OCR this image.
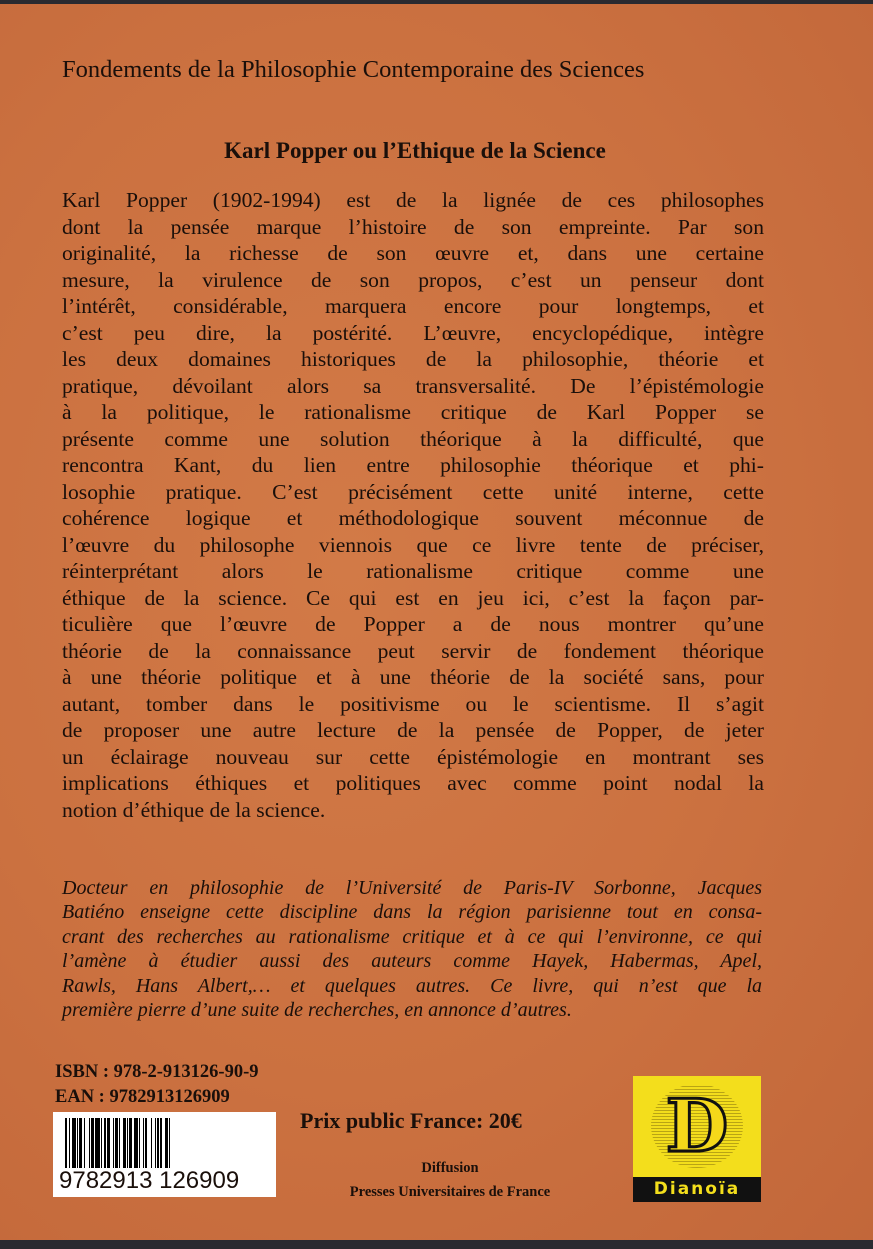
Fondements de la Philosophie Contemporaine des Sciences
Karl Popper ou l’Ethique de la Science
Karl Popper (1902-1994) est de la lignée de ces philosophes
dont la pensée marque l’histoire de son empreinte. Par son
originalité, la richesse de son œuvre et, dans une certaine
mesure, la virulence de son propos, c’est un penseur dont
l’intérêt, considérable, marquera encore pour longtemps, et
c’est peu dire, la postérité. L’œuvre, encyclopédique, intègre
les deux domaines historiques de la philosophie, théorie et
pratique, dévoilant alors sa transversalité. De l’épistémologie
à la politique, le rationalisme critique de Karl Popper se
présente comme une solution théorique à la difficulté, que
rencontra Kant, du lien entre philosophie théorique et phi-
losophie pratique. C’est précisément cette unité interne, cette
cohérence logique et méthodologique souvent méconnue de
l’œuvre du philosophe viennois que ce livre tente de préciser,
réinterprétant alors le rationalisme critique comme une
éthique de la science. Ce qui est en jeu ici, c’est la façon par-
ticulière que l’œuvre de Popper a de nous montrer qu’une
théorie de la connaissance peut servir de fondement théorique
à une théorie politique et à une théorie de la société sans, pour
autant, tomber dans le positivisme ou le scientisme. Il s’agit
de proposer une autre lecture de la pensée de Popper, de jeter
un éclairage nouveau sur cette épistémologie en montrant ses
implications éthiques et politiques avec comme point nodal la
notion d’éthique de la science.
Docteur en philosophie de l’Université de Paris-IV Sorbonne, Jacques
Batiéno enseigne cette discipline dans la région parisienne tout en consa-
crant des recherches au rationalisme critique et à ce qui l’environne, ce qui
l’amène à étudier aussi des auteurs comme Hayek, Habermas, Apel,
Rawls, Hans Albert,… et quelques autres. Ce livre, qui n’est que la
première pierre d’une suite de recherches, en annonce d’autres.
ISBN : 978-2-913126-90-9
EAN : 9782913126909
9782913 126909
Prix public France: 20€
Diffusion
Presses Universitaires de France
D
Dianoïa
